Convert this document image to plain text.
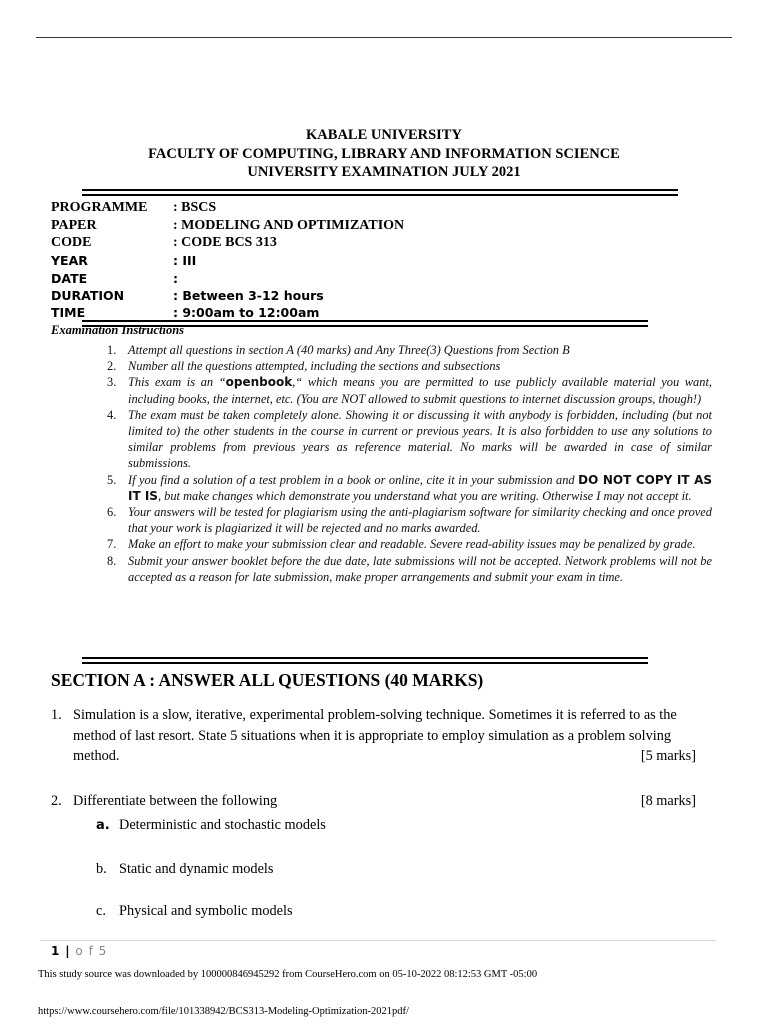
KABALE UNIVERSITY
FACULTY OF COMPUTING, LIBRARY AND INFORMATION SCIENCE
UNIVERSITY EXAMINATION JULY 2021
PROGRAMME : BSCS
PAPER	: MODELING AND OPTIMIZATION
CODE	: CODE BCS 313
YEAR	: III
DATE	:
DURATION	: Between 3-12 hours
TIME	: 9:00am to 12:00am
Examination Instructions
1. Attempt all questions in section A (40 marks) and Any Three(3) Questions from Section B
2. Number all the questions attempted, including the sections and subsections
3. This exam is an “openbook,“ which means you are permitted to use publicly available material you want, including books, the internet, etc. (You are NOT allowed to submit questions to internet discussion groups, though!)
4. The exam must be taken completely alone. Showing it or discussing it with anybody is forbidden, including (but not limited to) the other students in the course in current or previous years. It is also forbidden to use any solutions to similar problems from previous years as reference material. No marks will be awarded in case of similar submissions.
5. If you find a solution of a test problem in a book or online, cite it in your submission and DO NOT COPY IT AS IT IS, but make changes which demonstrate you understand what you are writing. Otherwise I may not accept it.
6. Your answers will be tested for plagiarism using the anti-plagiarism software for similarity checking and once proved that your work is plagiarized it will be rejected and no marks awarded.
7. Make an effort to make your submission clear and readable. Severe read-ability issues may be penalized by grade.
8. Submit your answer booklet before the due date, late submissions will not be accepted. Network problems will not be accepted as a reason for late submission, make proper arrangements and submit your exam in time.
SECTION A : ANSWER ALL QUESTIONS (40 MARKS)
1. Simulation is a slow, iterative, experimental problem-solving technique. Sometimes it is referred to as the
method of last resort. State 5 situations when it is appropriate to employ simulation as a problem solving
method.	[5 marks]
2. Differentiate between the following	[8 marks]
a. Deterministic and stochastic models
b. Static and dynamic models
c. Physical and symbolic models
1 | o f 5
This study source was downloaded by 100000846945292 from CourseHero.com on 05-10-2022 08:12:53 GMT -05:00
https://www.coursehero.com/file/101338942/BCS313-Modeling-Optimization-2021pdf/
